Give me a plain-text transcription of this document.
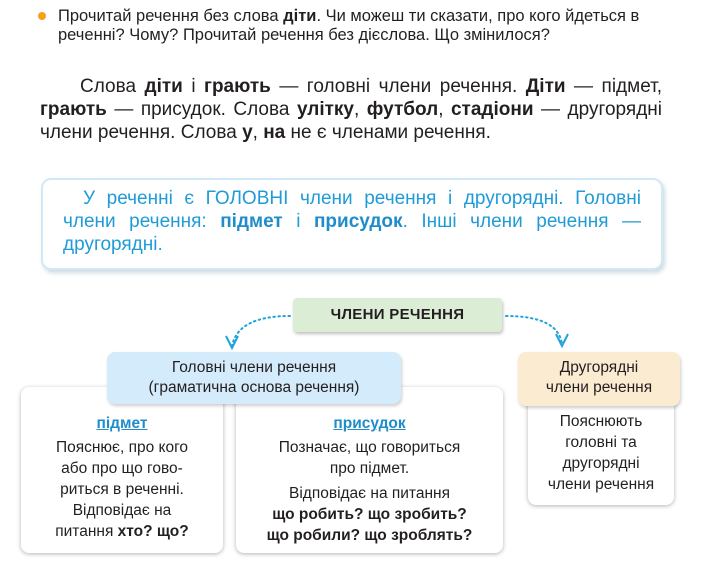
Прочитай речення без слова діти. Чи можеш ти сказати, про кого йдеться в реченні? Чому? Прочитай речення без дієслова. Що змінилося?
Слова діти і грають — головні члени речення. Діти — підмет, грають — присудок. Слова улітку, футбол, стадіони — другорядні члени речення. Слова у, на не є членами речення.
У реченні є ГОЛОВНІ члени речення і другорядні. Головні члени речення: підмет і присудок. Інші члени речення — другорядні.
ЧЛЕНИ РЕЧЕННЯ
підмет

Пояснює, про кого

або про що гово-

риться в реченні.

Відповідає на

питання хто? що?

присудок

Позначає, що говориться

про підмет.

Відповідає на питання

що робить? що зробить?

що робили? що зроблять?

Головні члени речення
(граматична основа речення)

Пояснюють

головні та

другорядні

члени речення

Другорядні
члени речення
